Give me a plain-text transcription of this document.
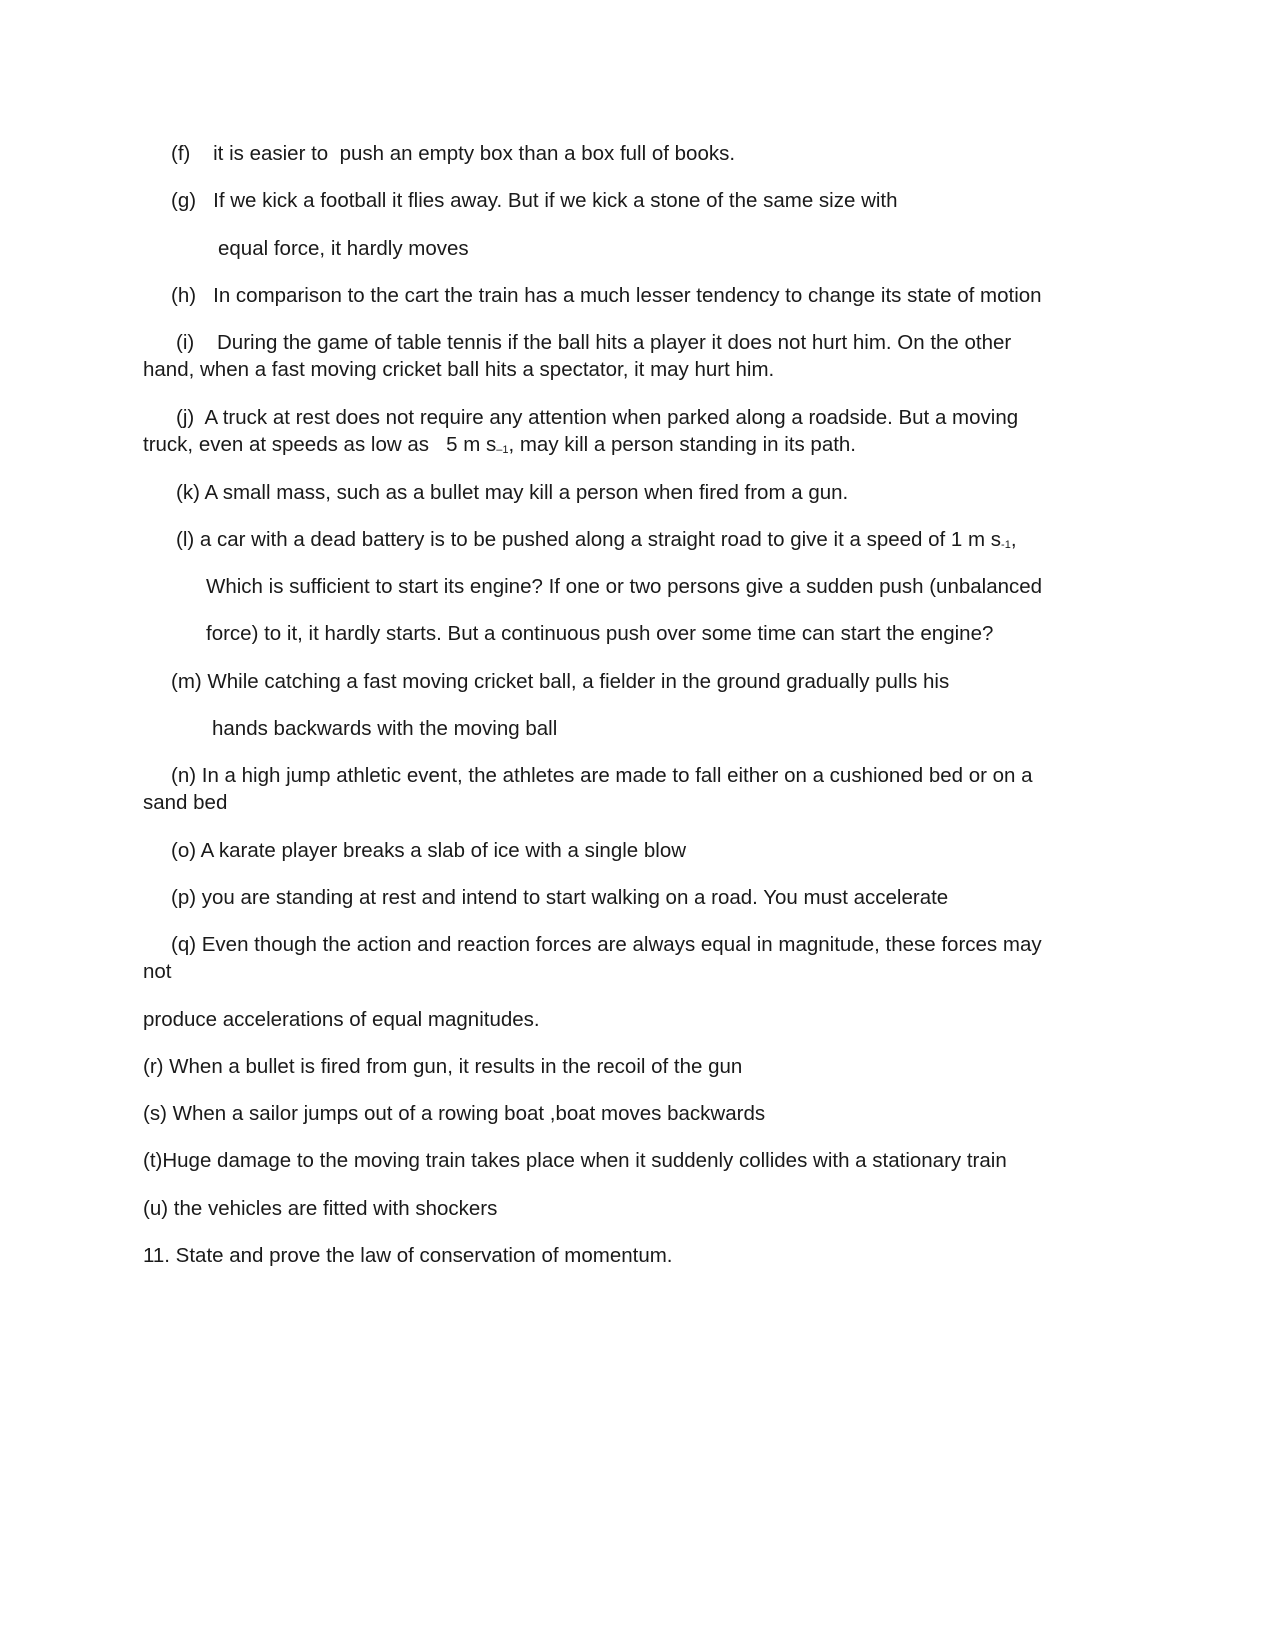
(f)    it is easier to  push an empty box than a box full of books.

(g)   If we kick a football it flies away. But if we kick a stone of the same size with

equal force, it hardly moves

(h)   In comparison to the cart the train has a much lesser tendency to change its state of motion

(i)    During the game of table tennis if the ball hits a player it does not hurt him. On the other

hand, when a fast moving cricket ball hits a spectator, it may hurt him.

(j)  A truck at rest does not require any attention when parked along a roadside. But a moving

truck, even at speeds as low as   5 m s–1, may kill a person standing in its path.

(k) A small mass, such as a bullet may kill a person when fired from a gun.

(l) a car with a dead battery is to be pushed along a straight road to give it a speed of 1 m s-1,

Which is sufficient to start its engine? If one or two persons give a sudden push (unbalanced

force) to it, it hardly starts. But a continuous push over some time can start the engine?

(m) While catching a fast moving cricket ball, a fielder in the ground gradually pulls his

hands backwards with the moving ball

(n) In a high jump athletic event, the athletes are made to fall either on a cushioned bed or on a

sand bed

(o) A karate player breaks a slab of ice with a single blow

(p) you are standing at rest and intend to start walking on a road. You must accelerate

(q) Even though the action and reaction forces are always equal in magnitude, these forces may

not

produce accelerations of equal magnitudes.

(r) When a bullet is fired from gun, it results in the recoil of the gun

(s) When a sailor jumps out of a rowing boat ,boat moves backwards

(t)Huge damage to the moving train takes place when it suddenly collides with a stationary train

(u) the vehicles are fitted with shockers

11. State and prove the law of conservation of momentum.
